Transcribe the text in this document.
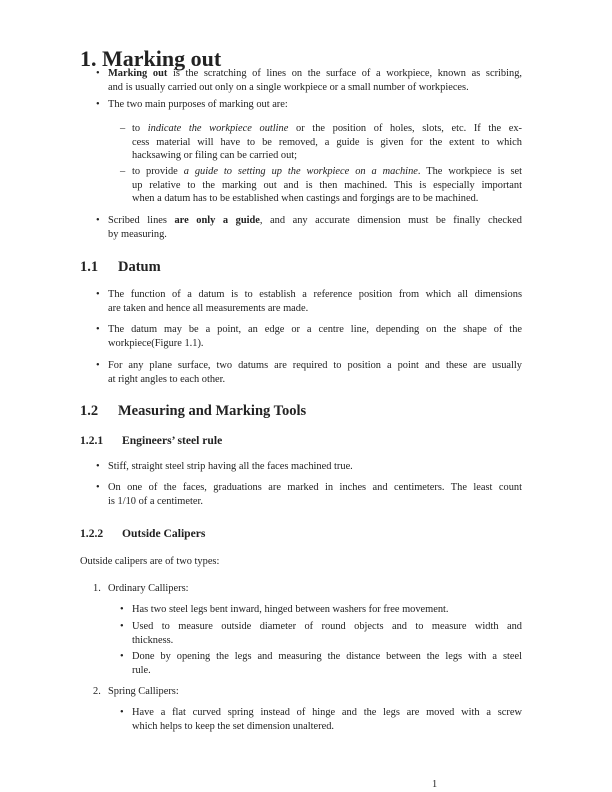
1. Marking out
• Marking out is the scratching of lines on the surface of a workpiece, known as scribing,
and is usually carried out only on a single workpiece or a small number of workpieces.
• The two main purposes of marking out are:
– to indicate the workpiece outline or the position of holes, slots, etc. If the ex-
cess material will have to be removed, a guide is given for the extent to which
hacksawing or filing can be carried out;
– to provide a guide to setting up the workpiece on a machine. The workpiece is set
up relative to the marking out and is then machined. This is especially important
when a datum has to be established when castings and forgings are to be machined.
• Scribed lines are only a guide, and any accurate dimension must be finally checked
by measuring.
1.1 Datum
• The function of a datum is to establish a reference position from which all dimensions
are taken and hence all measurements are made.
• The datum may be a point, an edge or a centre line, depending on the shape of the
workpiece(Figure 1.1).
• For any plane surface, two datums are required to position a point and these are usually
at right angles to each other.
1.2 Measuring and Marking Tools
1.2.1 Engineers’ steel rule
• Stiff, straight steel strip having all the faces machined true.
• On one of the faces, graduations are marked in inches and centimeters. The least count
is 1/10 of a centimeter.
1.2.2 Outside Calipers
Outside calipers are of two types:
1. Ordinary Callipers:
• Has two steel legs bent inward, hinged between washers for free movement.
• Used to measure outside diameter of round objects and to measure width and
thickness.
• Done by opening the legs and measuring the distance between the legs with a steel
rule.
2. Spring Callipers:
• Have a flat curved spring instead of hinge and the legs are moved with a screw
which helps to keep the set dimension unaltered.
1
